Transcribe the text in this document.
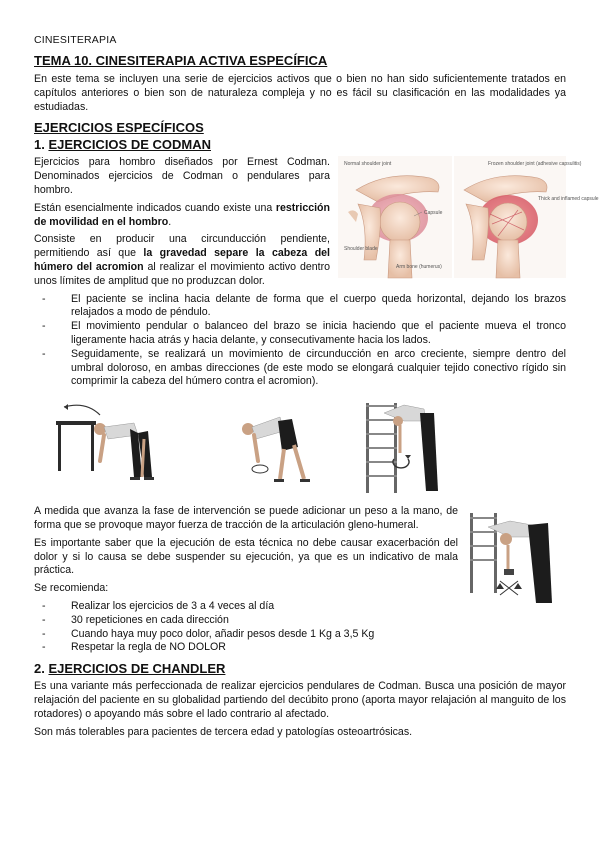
CINESITERAPIA
TEMA 10. CINESITERAPIA ACTIVA ESPECÍFICA

En este tema se incluyen una serie de ejercicios activos que o bien no han sido suficientemente tratados en capítulos anteriores o bien son de naturaleza compleja y no es fácil su clasificación en las modalidades ya estudiadas.

EJERCICIOS ESPECÍFICOS
1. EJERCICIOS DE CODMAN
Normal shoulder joint
Capsule
Shoulder blade
Arm bone (humerus)
Frozen shoulder joint (adhesive capsulitis)
Thick and inflamed capsule

Ejercicios para hombro diseñados por Ernest Codman. Denominados ejercicios de Codman o pendulares para hombro.

Están esencialmente indicados cuando existe una restricción de movilidad en el hombro.

Consiste en producir una circunducción pendiente, permitiendo así que la gravedad separe la cabeza del húmero del acromion al realizar el movimiento activo dentro unos límites de amplitud que no produzcan dolor.

- El paciente se inclina hacia delante de forma que el cuerpo queda horizontal, dejando los brazos relajados a modo de péndulo.
- El movimiento pendular o balanceo del brazo se inicia haciendo que el paciente mueva el tronco ligeramente hacia atrás y hacia delante, y consecutivamente hacia los lados.
- Seguidamente, se realizará un movimiento de circunducción en arco creciente, siempre dentro del umbral doloroso, en ambas direcciones (de este modo se elongará cualquier tejido conectivo rígido sin comprimir la cabeza del húmero contra el acromion).

A medida que avanza la fase de intervención se puede adicionar un peso a la mano, de forma que se provoque mayor fuerza de tracción de la articulación gleno-humeral.

Es importante saber que la ejecución de esta técnica no debe causar exacerbación del dolor y si lo causa se debe suspender su ejecución, ya que es un indicativo de mala práctica.

Se recomienda:

- Realizar los ejercicios de 3 a 4 veces al día
- 30 repeticiones en cada dirección
- Cuando haya muy poco dolor, añadir pesos desde 1 Kg a 3,5 Kg
- Respetar la regla de NO DOLOR
2. EJERCICIOS DE CHANDLER

Es una variante más perfeccionada de realizar ejercicios pendulares de Codman. Busca una posición de mayor relajación del paciente en su globalidad partiendo del decúbito prono (aporta mayor relajación al manguito de los rotadores) o apoyando más sobre el lado contrario al afectado.

Son más tolerables para pacientes de tercera edad y patologías osteoartrósicas.
